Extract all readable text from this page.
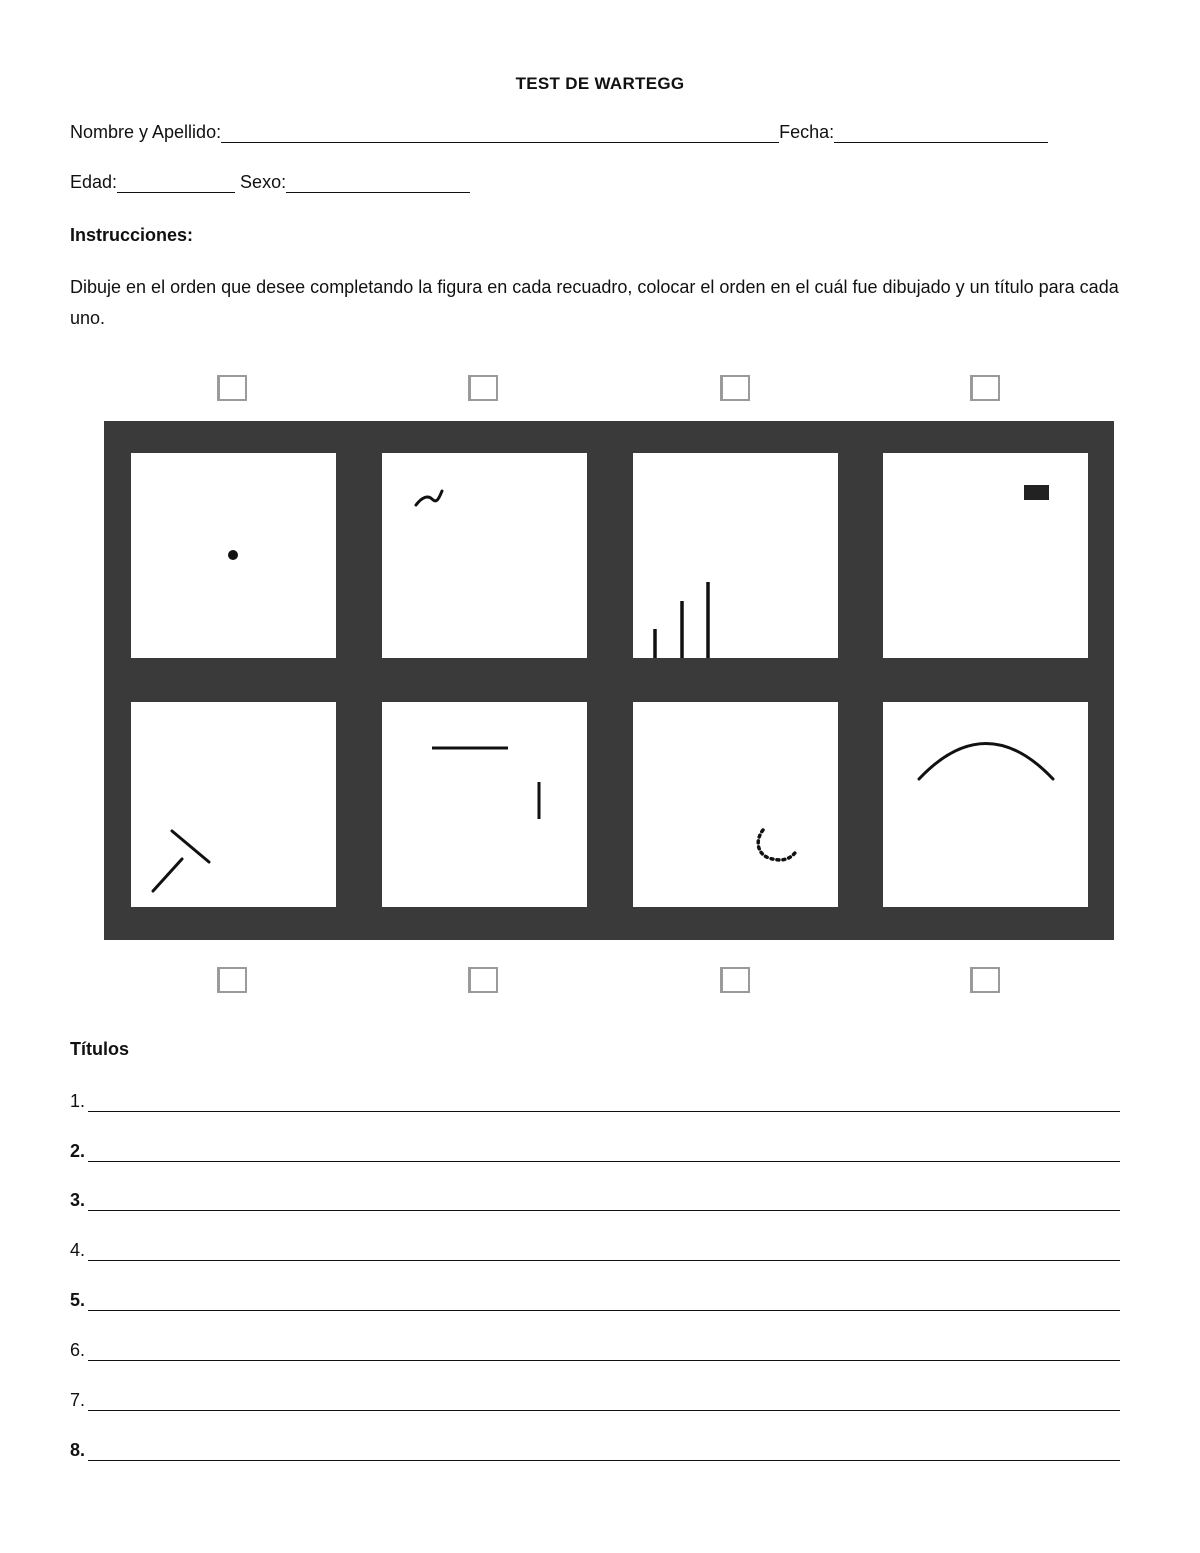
TEST DE WARTEGG
Nombre y Apellido:	Fecha:
Edad:	Sexo:
Instrucciones:
Dibuje en el orden que desee completando la figura en cada recuadro, colocar el orden en el cuál fue dibujado y un título para cada uno.
Títulos
1.
2.
3.
4.
5.
6.
7.
8.
